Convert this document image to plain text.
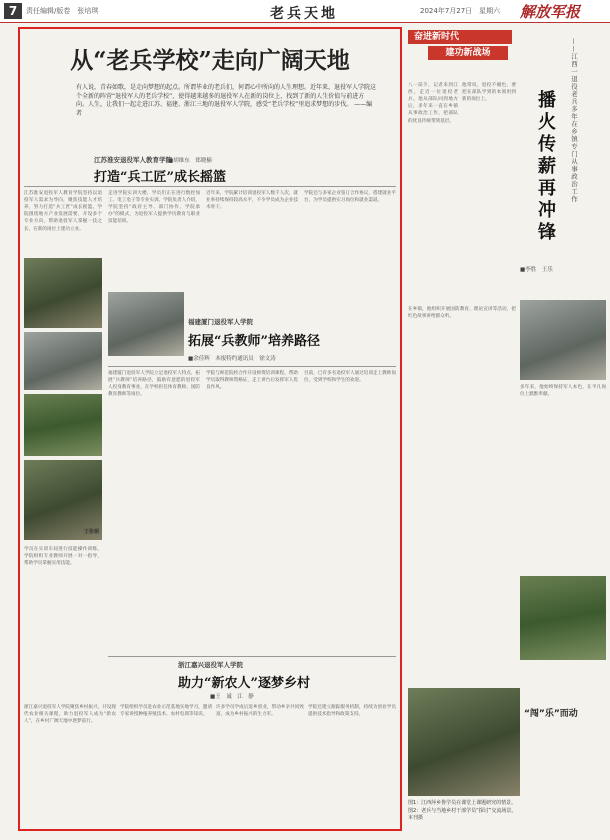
7	责任编辑/版卷　张培琪	老兵天地	2024年7月27日　星期六 解放军报
从“老兵学校”走向广阔天地
有人说，青春如歌，是走向梦想的起点。所谓毕业的老兵们，何谓心中所向的人生理想。近年来，退役军人学院这个全新的阵营“退役军人的老兵学校”，使得越来越多的退役军人在新的岗位上，找到了新的人生价值与前进方向。人生，让我们一起走进江苏、福建、浙江三地的退役军人学院，感受“老兵学校”里追求梦想的步伐。 ——编　者
江苏淮安退役军人教育学院
打造“兵工匠”成长摇篮
■胡维东　郑晓楠
江苏淮安退役军人教育学院坚持以退役军人需求为导向，聚焦技能人才培养，努力打造“兵工匠”成长摇篮。学院围绕地方产业发展需要，开设多个专业方向，帮助退役军人掌握一技之长，在新的岗位上建功立业。
王张娟
学员在实训车间进行技能操作训练，学院组织专业教师开展一对一指导，帮助学员掌握实用技能。
走进学院实训大楼，学员们正在进行数控加工、电工电子等专业实训。学院负责人介绍，学院坚持“政府主导、部门协作、学院承办”的模式，为退役军人提供学历教育与职业技能培训。
近年来，学院累计培训退役军人数千人次，就业率持续保持较高水平，不少学员成为企业技术骨干。
学院还与多家企业签订合作协议，搭建就业平台，为学员提供实习岗位和就业渠道。
福建厦门退役军人学院
拓展“兵教师”培养路径
■余佳辉　本报特约通讯员　徐文涛
福建厦门退役军人学院立足退役军人特点，拓展“兵教师”培养路径，鼓励有意愿的退役军人投身教育事业，在学校担任体育教师、国防教育教师等岗位。
学院与师范院校合作开设师资培训课程，帮助学员取得教师资格证，走上讲台后发挥军人优良作风。
目前，已有多名退役军人通过培训走上教师岗位，受到学校和学生的欢迎。
浙江嘉兴退役军人学院
助力“新农人”逐梦乡村
■王　诚　江　静
浙江嘉兴退役军人学院聚焦乡村振兴，开设现代农业相关课程，助力退役军人成为“新农人”，在乡村广阔天地中逐梦前行。
学院组织学员赴农业示范基地实地学习，邀请专家讲授种植养殖技术、农村电商等知识。
许多学员学成后返乡创业，带动乡亲共同致富，成为乡村振兴的生力军。
学院还建立跟踪服务机制，持续为创业学员提供技术指导和政策支持。
奋进新时代
建功新战场
八一前夕，记者来到江西，走近一位退役老兵。他从部队回到地方后，多年来一直在乡镇从事政治工作，把部队的优良传统带到基层。
他常说，退役不褪色，要把在部队学到的本领用到新的岗位上。	播火传薪再冲锋	——江西一退役老兵多年在乡镇专门从事政治工作
■李胜　王乐
在乡镇，他组织开展国防教育、理论宣讲等活动，把红色故事讲给群众听。
多年来，他始终保持军人本色，在平凡岗位上默默奉献。
“闯”乐”而动
图1：江西萍乡鲁学员在课堂上课题研究的情景。
图2：老兵与当地乡村干部学员“探讨”交流场景。
本刊摄
